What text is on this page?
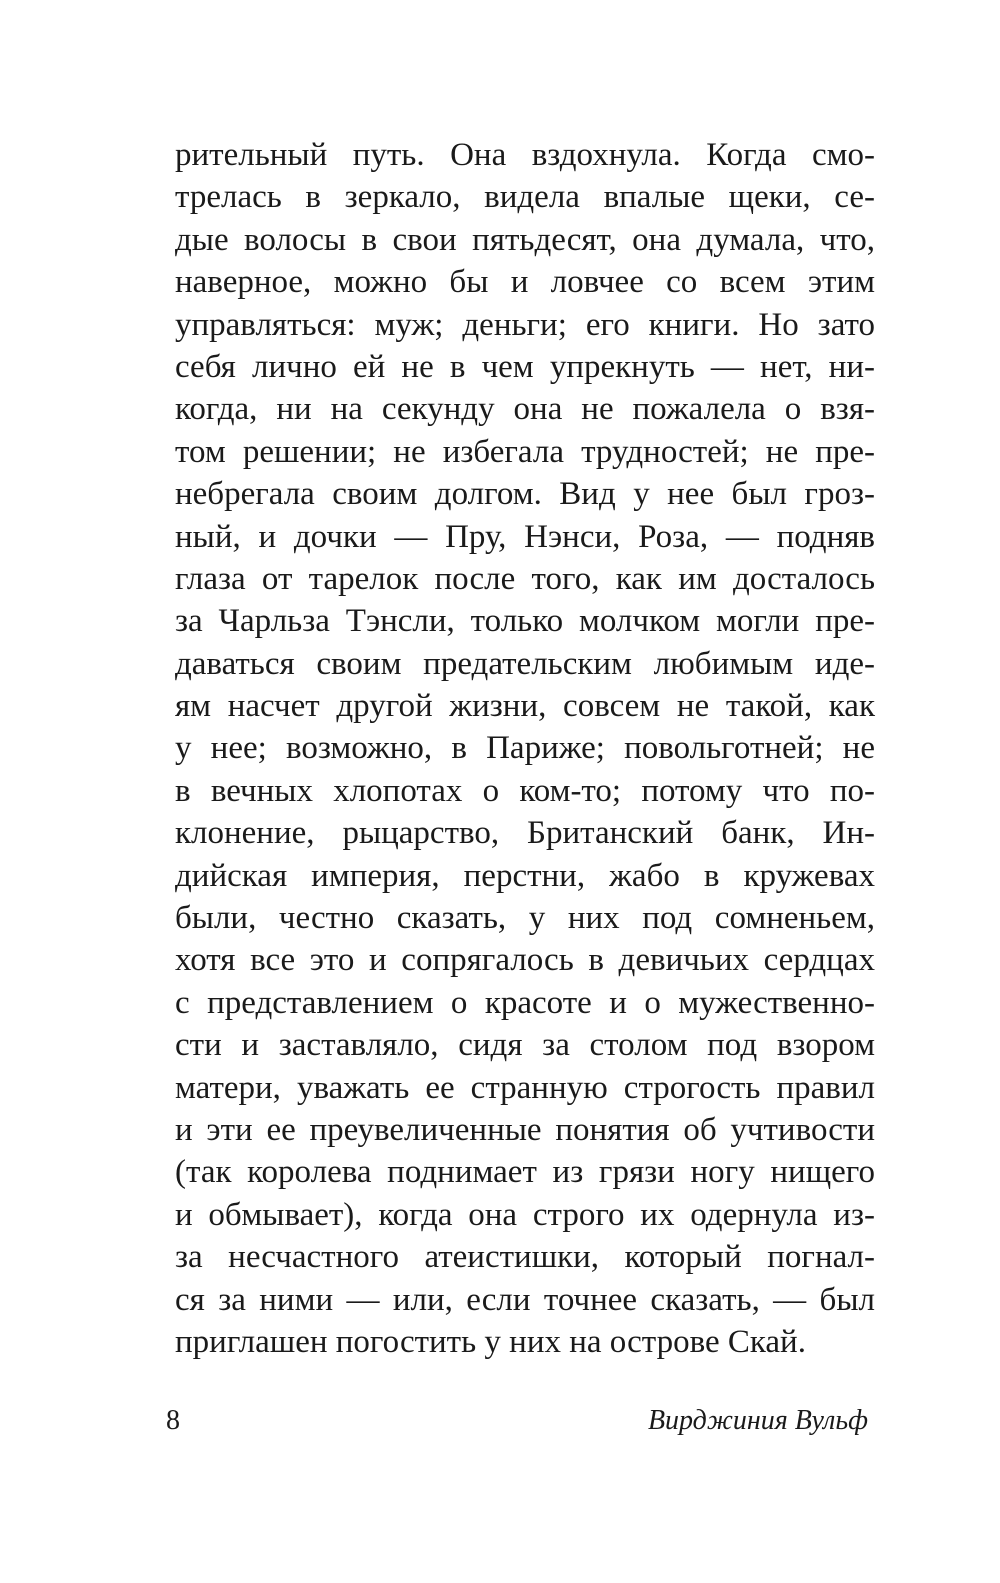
рительный путь. Она вздохнула. Когда смо-
трелась в зеркало, видела впалые щеки, се-
дые волосы в свои пятьдесят, она думала, что,
наверное, можно бы и ловчее со всем этим
управляться: муж; деньги; его книги. Но зато
себя лично ей не в чем упрекнуть — нет, ни-
когда, ни на секунду она не пожалела о взя-
том решении; не избегала трудностей; не пре-
небрегала своим долгом. Вид у нее был гроз-
ный, и дочки — Пру, Нэнси, Роза, — подняв
глаза от тарелок после того, как им досталось
за Чарльза Тэнсли, только молчком могли пре-
даваться своим предательским любимым иде-
ям насчет другой жизни, совсем не такой, как
у нее; возможно, в Париже; повольготней; не
в вечных хлопотах о ком-то; потому что по-
клонение, рыцарство, Британский банк, Ин-
дийская империя, перстни, жабо в кружевах
были, честно сказать, у них под сомненьем,
хотя все это и сопрягалось в девичьих сердцах
с представлением о красоте и о мужественно-
сти и заставляло, сидя за столом под взором
матери, уважать ее странную строгость правил
и эти ее преувеличенные понятия об учтивости
(так королева поднимает из грязи ногу нищего
и обмывает), когда она строго их одернула из-
за несчастного атеистишки, который погнал-
ся за ними — или, если точнее сказать, — был
приглашен погостить у них на острове Скай.
8	Вирджиния Вульф
